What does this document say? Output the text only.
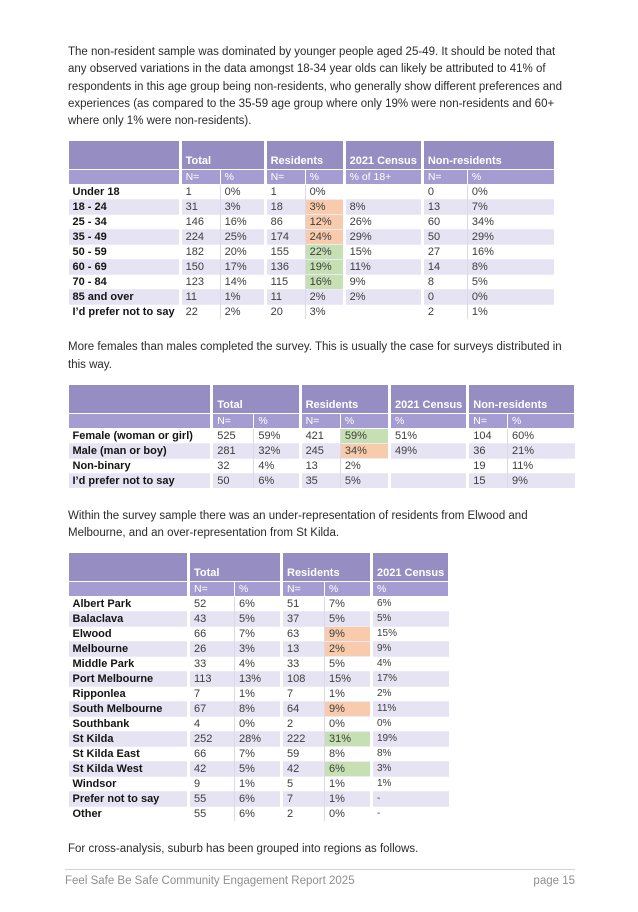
The non-resident sample was dominated by younger people aged 25-49. It should be noted that any observed variations in the data amongst 18-34 year olds can likely be attributed to 41% of respondents in this age group being non-residents, who generally show different preferences and experiences (as compared to the 35-59 age group where only 19% were non-residents and 60+ where only 1% were non-residents).

	Total		Residents		2021 Census	Non-residents	
	N=	%	N=	%	% of 18+	N=	%
Under 18	1	0%	1	0%		0	0%
18 - 24	31	3%	18	3%	8%	13	7%
25 - 34	146	16%	86	12%	26%	60	34%
35 - 49	224	25%	174	24%	29%	50	29%
50 - 59	182	20%	155	22%	15%	27	16%
60 - 69	150	17%	136	19%	11%	14	8%
70 - 84	123	14%	115	16%	9%	8	5%
85 and over	11	1%	11	2%	2%	0	0%
I’d prefer not to say	22	2%	20	3%		2	1%

More females than males completed the survey. This is usually the case for surveys distributed in this way.

	Total		Residents		2021 Census	Non-residents	
	N=	%	N=	%	%	N=	%
Female (woman or girl)	525	59%	421	59%	51%	104	60%
Male (man or boy)	281	32%	245	34%	49%	36	21%
Non-binary	32	4%	13	2%		19	11%
I’d prefer not to say	50	6%	35	5%		15	9%

Within the survey sample there was an under-representation of residents from Elwood and Melbourne, and an over-representation from St Kilda.

	Total		Residents		2021 Census
	N=	%	N=	%	%
Albert Park	52	6%	51	7%	6%
Balaclava	43	5%	37	5%	5%
Elwood	66	7%	63	9%	15%
Melbourne	26	3%	13	2%	9%
Middle Park	33	4%	33	5%	4%
Port Melbourne	113	13%	108	15%	17%
Ripponlea	7	1%	7	1%	2%
South Melbourne	67	8%	64	9%	11%
Southbank	4	0%	2	0%	0%
St Kilda	252	28%	222	31%	19%
St Kilda East	66	7%	59	8%	8%
St Kilda West	42	5%	42	6%	3%
Windsor	9	1%	5	1%	1%
Prefer not to say	55	6%	7	1%	-
Other	55	6%	2	0%	-

For cross-analysis, suburb has been grouped into regions as follows.

Feel Safe Be Safe Community Engagement Report 2025	page 15
